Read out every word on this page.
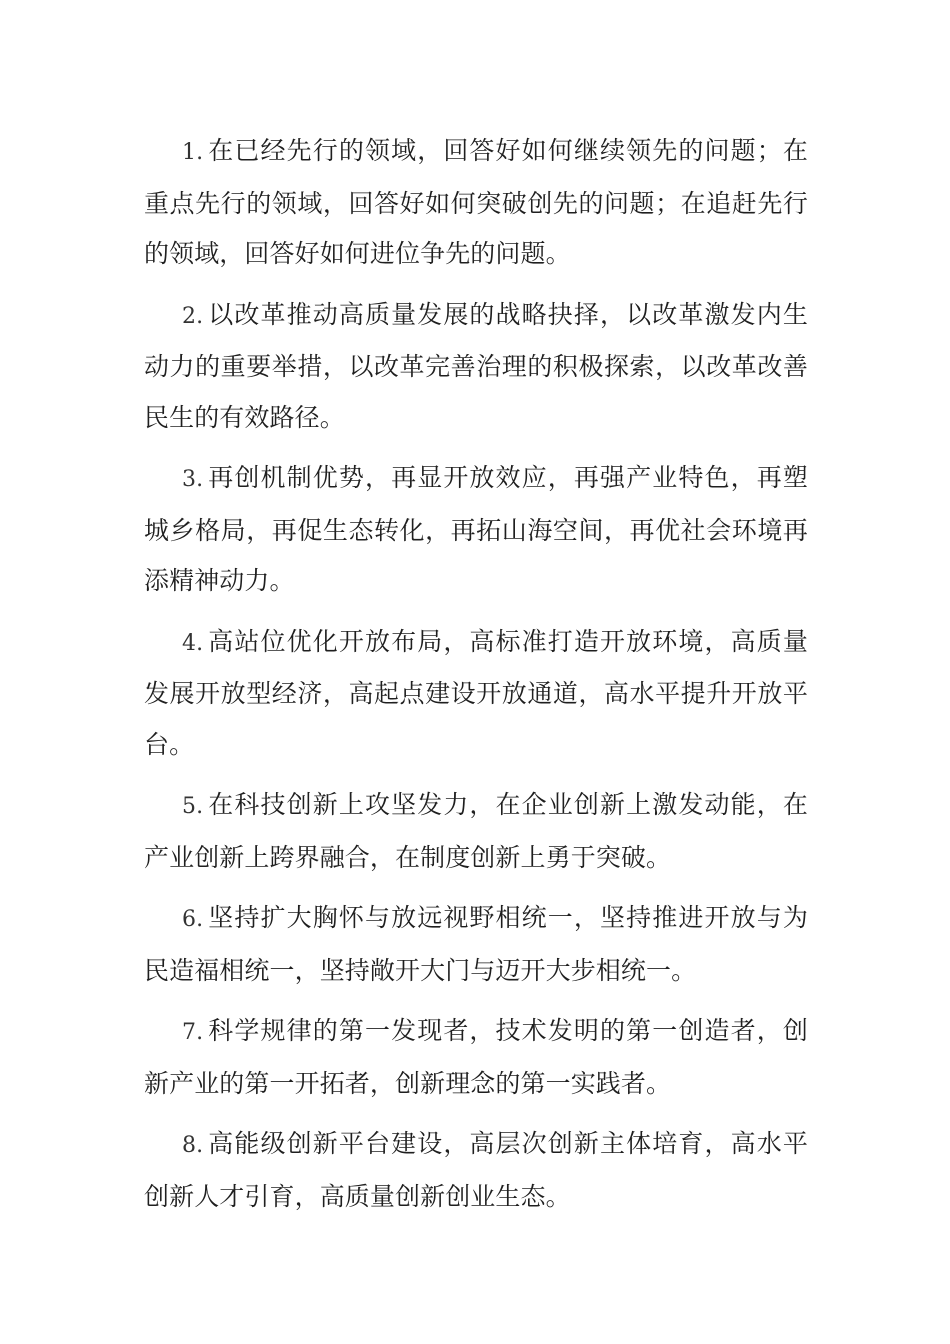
1. 在已经先行的领域，回答好如何继续领先的问题；在重点先行的领域，回答好如何突破创先的问题；在追赶先行的领域，回答好如何进位争先的问题。

2. 以改革推动高质量发展的战略抉择，以改革激发内生动力的重要举措，以改革完善治理的积极探索，以改革改善民生的有效路径。

3. 再创机制优势，再显开放效应，再强产业特色，再塑城乡格局，再促生态转化，再拓山海空间，再优社会环境再添精神动力。

4. 高站位优化开放布局，高标准打造开放环境，高质量发展开放型经济，高起点建设开放通道，高水平提升开放平台。

5. 在科技创新上攻坚发力，在企业创新上激发动能，在产业创新上跨界融合，在制度创新上勇于突破。

6. 坚持扩大胸怀与放远视野相统一，坚持推进开放与为民造福相统一，坚持敞开大门与迈开大步相统一。

7. 科学规律的第一发现者，技术发明的第一创造者，创新产业的第一开拓者，创新理念的第一实践者。

8. 高能级创新平台建设，高层次创新主体培育，高水平创新人才引育，高质量创新创业生态。
